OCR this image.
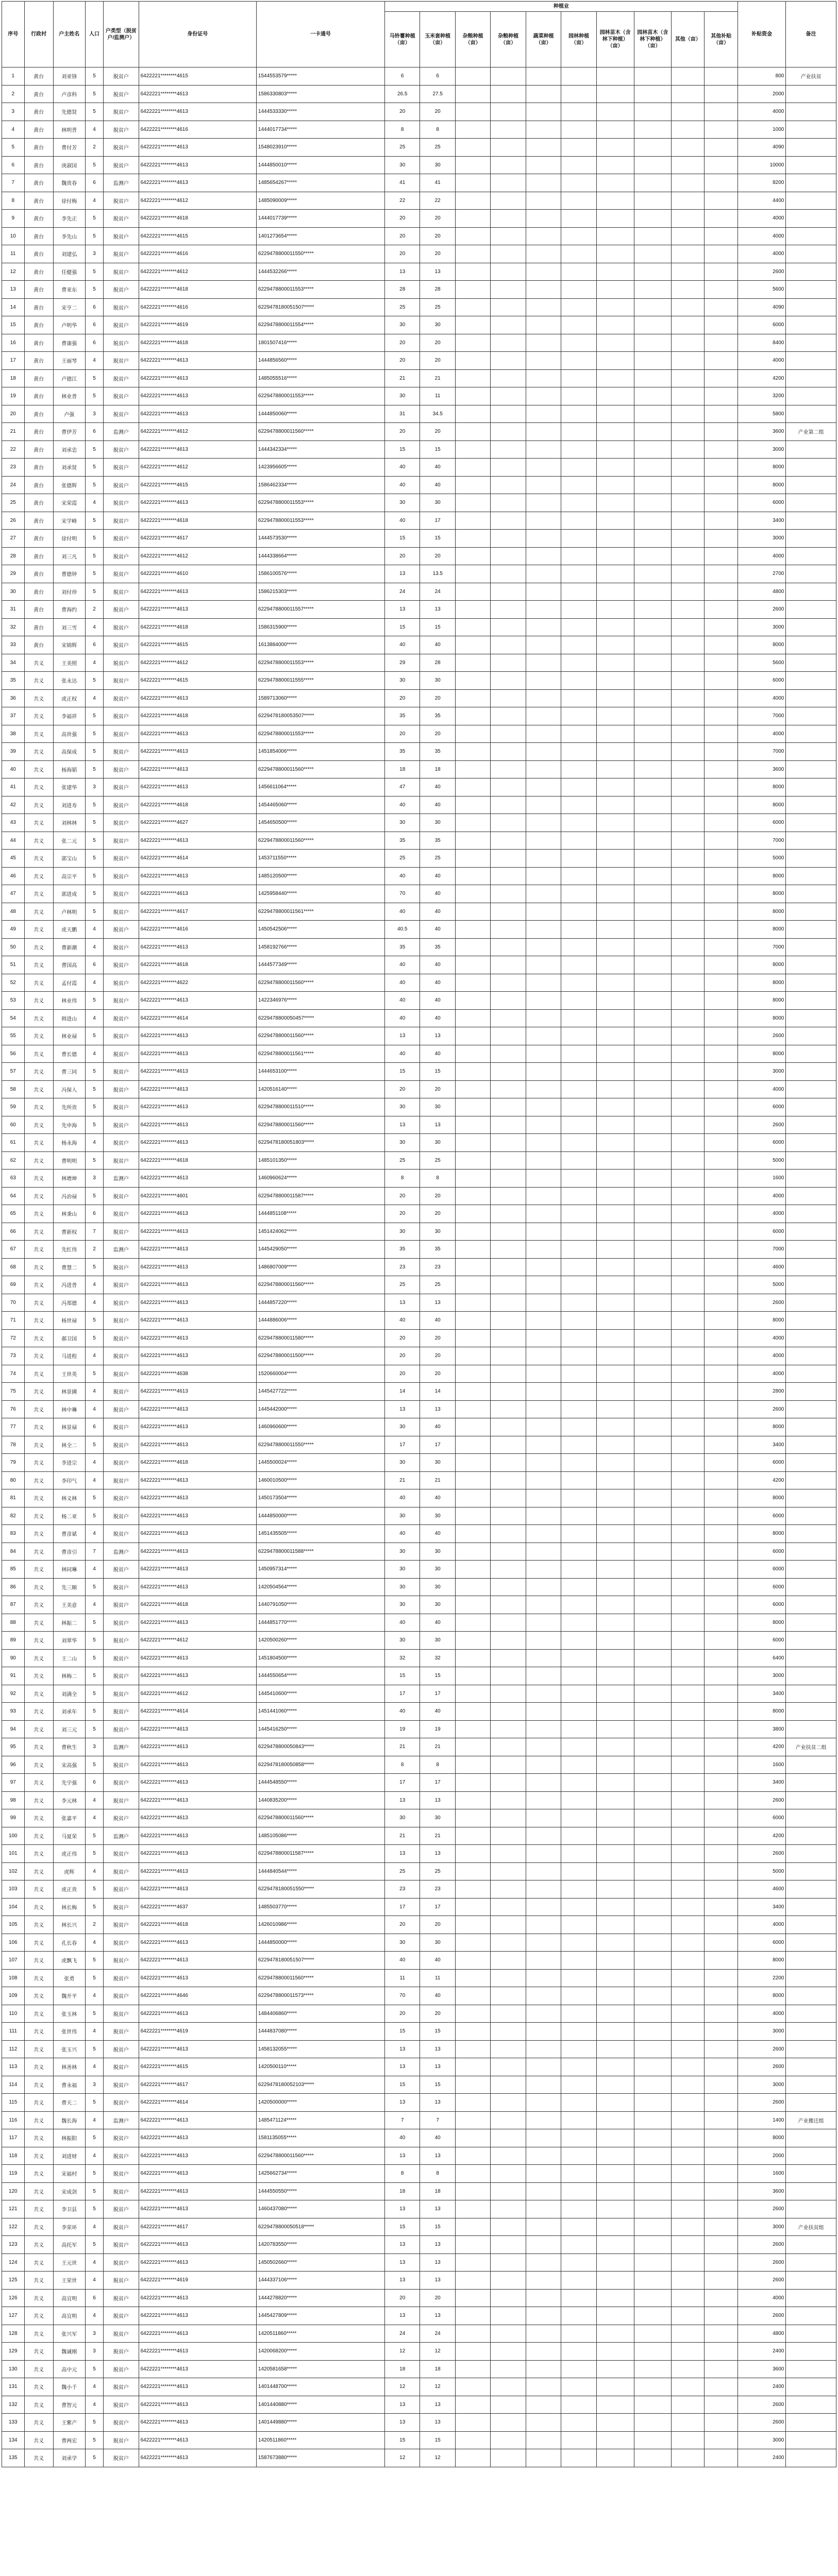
序号	行政村	户主姓名	人口	户类型（脱贫户/监测户）	身份证号	一卡通号	种植业										补贴资金	备注
							马铃薯种植（亩）	玉米套种植（亩）	杂粮种植（亩）	杂粮种植（亩）	蔬菜种植（亩）	园林种植（亩）	园林苗木（含林下种植）（亩）	园林苗木（含林下种植）（亩）	其他（亩）	其他补贴（亩）		
1	黄台	刘亚锋	5	脱贫户	6422221********4615	1544553579*****	6	6									800	产业扶贫
2	黄台	卢彦科	5	脱贫户	6422221********4613	1586330803*****	26.5	27.5									2000	
3	黄台	先德贤	5	脱贫户	6422221********4613	1444533330*****	20	20									4000	
4	黄台	林明普	4	脱贫户	6422221********4616	1444017734*****	8	8									1000	
5	黄台	曹付芳	2	脱贫户	6422221********4613	1548023910*****	25	25									4090	
6	黄台	庚淑国	5	脱贫户	6422221********4613	1444850010*****	30	30									10000	
7	黄台	魏贵春	6	监测户	6422221********4613	1485654267*****	41	41									8200	
8	黄台	徐付梅	4	脱贫户	6422221********4612	1485090009*****	22	22									4400	
9	黄台	李先正	5	脱贫户	6422221********4618	1444017739*****	20	20									4000	
10	黄台	李先山	5	脱贫户	6422221********4615	1401273654*****	20	20									4000	
11	黄台	刘建弘	3	脱贫户	6422221********4616	6229478800011550*****	20	20									4000	
12	黄台	任健强	5	脱贫户	6422221********4612	1444532266*****	13	13									2600	
13	黄台	曹亚东	5	脱贫户	6422221********4618	6229478800011553*****	28	28									5600	
14	黄台	宋亨二	6	脱贫户	6422221********4616	6229478180051507*****	25	25									4090	
15	黄台	卢明华	6	脱贫户	6422221********4619	6229478800011554*****	30	30									6000	
16	黄台	曹康强	6	脱贫户	6422221********4618	1801507416*****	20	20									8400	
17	黄台	王丽琴	4	脱贫户	6422221********4613	1444856560*****	20	20									4000	
18	黄台	卢德江	5	脱贫户	6422221********4613	1485055516*****	21	21									4200	
19	黄台	林业普	5	脱贫户	6422221********4613	6229478800011553*****	30	11									3200	
20	黄台	卢强	3	脱贫户	6422221********4613	1444850060*****	31	34.5									5800	
21	黄台	曹伊芳	6	监测户	6422221********4612	6229478800011560*****	20	20									3600	产业第二组
22	黄台	刘承忠	5	脱贫户	6422221********4613	1444342334*****	15	15									3000	
23	黄台	刘承贤	5	脱贫户	6422221********4612	1423956605*****	40	40									8000	
24	黄台	张德辉	5	脱贫户	6422221********4615	1586462334*****	40	40									8000	
25	黄台	宋荣霞	4	脱贫户	6422221********4613	6229478800011553*****	30	30									6000	
26	黄台	宋学峰	5	脱贫户	6422221********4618	6229478800011553*****	40	17									3400	
27	黄台	徐付明	5	脱贫户	6422221********4617	1444573530*****	15	15									3000	
28	黄台	刘三凡	5	脱贫户	6422221********4612	1444338664*****	20	20									4000	
29	黄台	曹德钟	5	脱贫户	6422221********4610	1586100576*****	13	13.5									2700	
30	黄台	刘付珍	5	脱贫户	6422221********4613	1586215303*****	24	24									4800	
31	黄台	曹海约	2	脱贫户	6422221********4613	6229478800011557*****	13	13									2600	
32	黄台	刘三雪	4	脱贫户	6422221********4618	1586315900*****	15	15									3000	
33	黄台	宋锦辉	6	脱贫户	6422221********4615	1613884000*****	40	40									8000	
34	共义	王美照	4	脱贫户	6422221********4612	6229478800011553*****	29	28									5600	
35	共义	张永达	5	脱贫户	6422221********4615	6229478800011555*****	30	30									6000	
36	共义	虎正权	4	脱贫户	6422221********4613	1589713060*****	20	20									4000	
37	共义	李福祥	5	脱贫户	6422221********4618	6229478180053507*****	35	35									7000	
38	共义	高世强	5	脱贫户	6422221********4613	6229478800011553*****	20	20									4000	
39	共义	高保成	5	脱贫户	6422221********4613	1451854006*****	35	35									7000	
40	共义	杨海韬	5	脱贫户	6422221********4613	6229478800011560*****	18	18									3600	
41	共义	张建华	3	脱贫户	6422221********4613	1456611064*****	47	40									8000	
42	共义	刘进寿	5	脱贫户	6422221********4618	1454465060*****	40	40									8000	
43	共义	刘林林	5	脱贫户	6422221********4627	1454650500*****	30	30									6000	
44	共义	张二元	5	脱贫户	6422221********4613	6229478800011560*****	35	35									7000	
45	共义	郭宝山	5	脱贫户	6422221********4614	1453711550*****	25	25									5000	
46	共义	高宗平	5	脱贫户	6422221********4613	1485120500*****	40	40									8000	
47	共义	郭进成	5	脱贫户	6422221********4613	1425958440*****	70	40									8000	
48	共义	卢林明	5	脱贫户	6422221********4617	6229478800011561*****	40	40									8000	
49	共义	虎天鹏	4	脱贫户	6422221********4616	1450542506*****	40.5	40									8000	
50	共义	曹新潮	4	脱贫户	6422221********4613	1458192766*****	35	35									7000	
51	共义	曹国高	6	脱贫户	6422221********4618	1444577349*****	40	40									8000	
52	共义	孟付霞	4	脱贫户	6422221********4622	6229478800011560*****	40	40									8000	
53	共义	林业伟	5	脱贫户	6422221********4613	1422346976*****	40	40									8000	
54	共义	韩进山	4	脱贫户	6422221********4614	6229478800050457*****	40	40									8000	
55	共义	林业禄	5	脱贫户	6422221********4613	6229478800011560*****	13	13									2600	
56	共义	曹长德	4	脱贫户	6422221********4613	6229478800011561*****	40	40									8000	
57	共义	曹三同	5	脱贫户	6422221********4613	1444653100*****	15	15									3000	
58	共义	冯保人	5	脱贫户	6422221********4613	1420516140*****	20	20									4000	
59	共义	先所贵	5	脱贫户	6422221********4613	6229478800011510*****	30	30									6000	
60	共义	先申海	5	脱贫户	6422221********4613	6229478800011560*****	13	13									2600	
61	共义	杨永海	4	脱贫户	6422221********4613	6229478180051803*****	30	30									6000	
62	共义	曹明明	5	脱贫户	6422221********4618	1485101350*****	25	25									5000	
63	共义	林增坤	3	监测户	6422221********4613	1460960624*****	8	8									1600	
64	共义	冯治禄	5	脱贫户	6422221********4601	6229478800011587*****	20	20									4000	
65	共义	林秉山	6	脱贫户	6422221********4613	1444851108*****	20	20									4000	
66	共义	曹新权	7	脱贫户	6422221********4613	1451424062*****	30	30									6000	
67	共义	先红伟	2	监测户	6422221********4613	1445429050*****	35	35									7000	
68	共义	曹慧二	5	脱贫户	6422221********4613	1486807009*****	23	23									4600	
69	共义	冯进普	4	脱贫户	6422221********4613	6229478800011560*****	25	25									5000	
70	共义	冯郑德	4	脱贫户	6422221********4613	1444857220*****	13	13									2600	
71	共义	杨世禄	5	脱贫户	6422221********4613	1444886006*****	40	40									8000	
72	共义	郝卫国	5	脱贫户	6422221********4613	6229478800011580*****	20	20									4000	
73	共义	马进程	4	脱贫户	6422221********4613	6229478800011500*****	20	20									4000	
74	共义	王世英	5	脱贫户	6422221********4638	1520660004*****	20	20									4000	
75	共义	林景圃	4	脱贫户	6422221********4613	1445427722*****	14	14									2800	
76	共义	林中琳	4	脱贫户	6422221********4613	1445442000*****	13	13									2600	
77	共义	林景禄	6	脱贫户	6422221********4613	1460960600*****	30	40									8000	
78	共义	林全二	5	脱贫户	6422221********4613	6229478800011550*****	17	17									3400	
79	共义	李进宗	4	脱贫户	6422221********4618	1445500024*****	30	30									6000	
80	共义	李印气	4	脱贫户	6422221********4613	1460010500*****	21	21									4200	
81	共义	林义林	5	脱贫户	6422221********4613	1450173504*****	40	40									8000	
82	共义	杨二亚	5	脱贫户	6422221********4613	1444850000*****	30	30									6000	
83	共义	曹彦斌	4	脱贫户	6422221********4613	1451435505*****	40	40									8000	
84	共义	曹彦引	7	监测户	6422221********4613	6229478800011588*****	30	30									6000	
85	共义	林同琳	4	脱贫户	6422221********4613	1450957314*****	30	30									6000	
86	共义	先三顺	5	脱贫户	6422221********4613	1420504564*****	30	30									6000	
87	共义	王美意	4	脱贫户	6422221********4618	1440791050*****	30	30									6000	
88	共义	林振二	5	脱贫户	6422221********4613	1444851770*****	40	40									8000	
89	共义	刘翠华	5	脱贫户	6422221********4612	1420500260*****	30	30									6000	
90	共义	王二山	5	脱贫户	6422221********4613	1451804500*****	32	32									6400	
91	共义	林梅二	5	脱贫户	6422221********4613	1444550654*****	15	15									3000	
92	共义	刘满全	5	脱贫户	6422221********4612	1445410600*****	17	17									3400	
93	共义	刘承年	5	脱贫户	6422221********4614	1451441060*****	40	40									8000	
94	共义	刘三元	5	脱贫户	6422221********4613	1445416250*****	19	19									3800	
95	共义	曹秋生	3	监测户	6422221********4613	6229478800050843*****	21	21									4200	产业扶贫二组
96	共义	宋高强	5	脱贫户	6422221********4613	6229478180050858*****	8	8									1600	
97	共义	先宇强	6	脱贫户	6422221********4613	1444548550*****	17	17									3400	
98	共义	李元林	4	脱贫户	6422221********4613	1440835200*****	13	13									2600	
99	共义	张嘉平	4	脱贫户	6422221********4613	6229478800011560*****	30	30									6000	
100	共义	马夏荣	5	监测户	6422221********4613	1485105086*****	21	21									4200	
101	共义	虎正伟	5	脱贫户	6422221********4613	6229478800011587*****	13	13									2600	
102	共义	虎辉	4	脱贫户	6422221********4613	1444840544*****	25	25									5000	
103	共义	虎正贵	5	脱贫户	6422221********4613	6229478180051550*****	23	23									4600	
104	共义	林长梅	5	脱贫户	6422221********4637	1485503770*****	17	17									3400	
105	共义	林长兴	2	脱贫户	6422221********4618	1426010986*****	20	20									4000	
106	共义	孔长春	4	脱贫户	6422221********4613	1444850000*****	30	30									6000	
107	共义	虎飘飞	5	脱贫户	6422221********4613	6229478180051507*****	40	40									8000	
108	共义	张勇	5	脱贫户	6422221********4613	6229478800011560*****	11	11									2200	
109	共义	魏开平	4	脱贫户	6422221********4646	6229478800011573*****	70	40									8000	
110	共义	张玉林	5	脱贫户	6422221********4613	1484406860*****	20	20									4000	
111	共义	张世伟	4	脱贫户	6422221********4619	1444837080*****	15	15									3000	
112	共义	张玉兴	5	脱贫户	6422221********4613	1458132055*****	13	13									2600	
113	共义	林善林	4	脱贫户	6422221********4615	1420500110*****	13	13									2600	
114	共义	曹永福	3	脱贫户	6422221********4617	6229478180052103*****	15	15									3000	
115	共义	曹天二	5	脱贫户	6422221********4614	1420500000*****	13	13									2600	
116	共义	魏长海	4	监测户	6422221********4613	1485471124*****	7	7									1400	产业搬迁组
117	共义	林振阳	5	脱贫户	6422221********4613	1581135055*****	40	40									8000	
118	共义	刘进财	4	脱贫户	6422221********4613	6229478800011560*****	13	13									2000	
119	共义	宋福村	5	脱贫户	6422221********4613	1425662734*****	8	8									1600	
120	共义	宋成剑	5	脱贫户	6422221********4613	1444550550*****	18	18									3600	
121	共义	李卫县	5	脱贫户	6422221********4613	1460437080*****	13	13									2600	
122	共义	李荣环	4	脱贫户	6422221********4617	6229478800050518*****	15	15									3000	产业扶贫组
123	共义	高托军	5	脱贫户	6422221********4613	1420783550*****	13	13									2600	
124	共义	王元世	4	脱贫户	6422221********4613	1450502660*****	13	13									2600	
125	共义	王荣世	4	脱贫户	6422221********4619	1444337106*****	13	13									2600	
126	共义	高宜明	6	脱贫户	6422221********4613	1444278820*****	20	20									4000	
127	共义	高宜明	4	脱贫户	6422221********4613	1445427809*****	13	13									2600	
128	共义	张兴军	3	脱贫户	6422221********4613	1420511860*****	24	24									4800	
129	共义	魏诚刚	3	脱贫户	6422221********4613	1420068200*****	12	12									2400	
130	共义	高中元	5	脱贫户	6422221********4613	1420581658*****	18	18									3600	
131	共义	魏小千	4	脱贫户	6422221********4613	1401448700*****	12	12									2400	
132	共义	曹智元	4	脱贫户	6422221********4613	1401440880*****	13	13									2600	
133	共义	王紫产	5	脱贫户	6422221********4613	1401449880*****	13	13									2600	
134	共义	曹两宏	5	脱贫户	6422221********4613	1420511860*****	15	15									3000	
135	共义	刘承学	5	脱贫户	6422221********4613	1587673880*****	12	12									2400	
